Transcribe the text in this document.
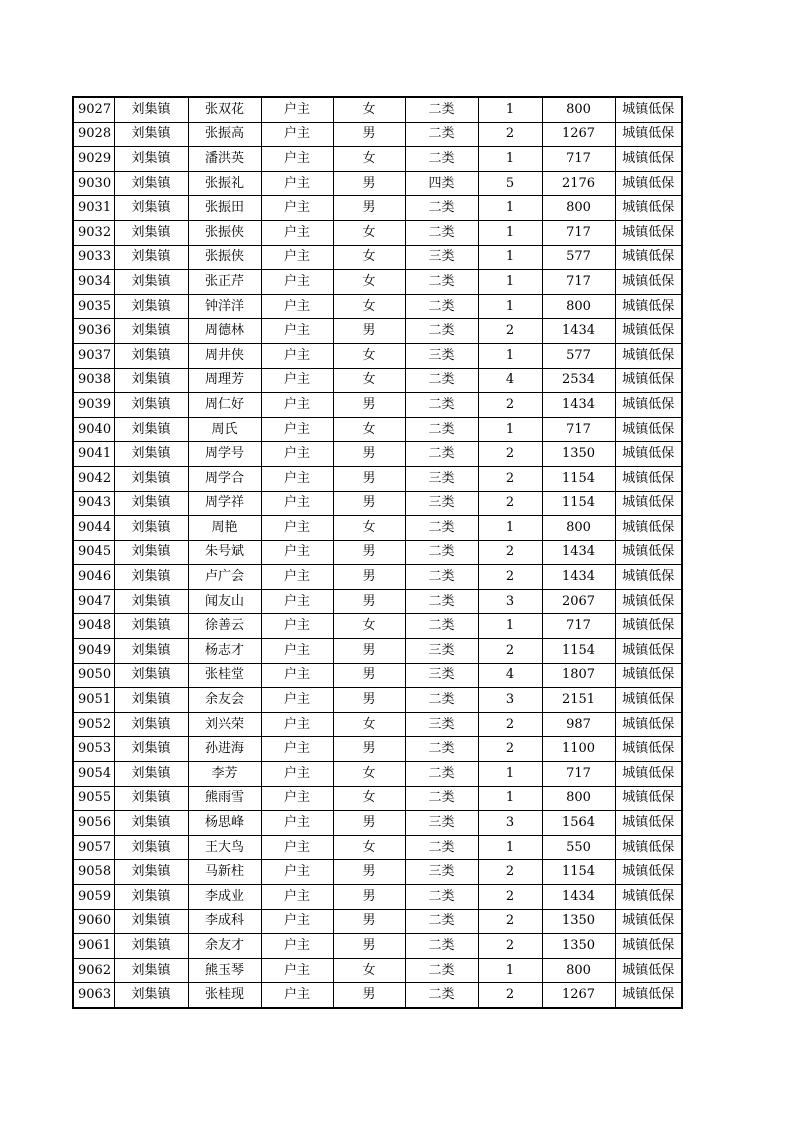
9027	刘集镇	张双花	户主	女	二类	1	800	城镇低保
9028	刘集镇	张振高	户主	男	二类	2	1267	城镇低保
9029	刘集镇	潘洪英	户主	女	二类	1	717	城镇低保
9030	刘集镇	张振礼	户主	男	四类	5	2176	城镇低保
9031	刘集镇	张振田	户主	男	二类	1	800	城镇低保
9032	刘集镇	张振侠	户主	女	二类	1	717	城镇低保
9033	刘集镇	张振侠	户主	女	三类	1	577	城镇低保
9034	刘集镇	张正芹	户主	女	二类	1	717	城镇低保
9035	刘集镇	钟洋洋	户主	女	二类	1	800	城镇低保
9036	刘集镇	周德林	户主	男	二类	2	1434	城镇低保
9037	刘集镇	周井侠	户主	女	三类	1	577	城镇低保
9038	刘集镇	周理芳	户主	女	二类	4	2534	城镇低保
9039	刘集镇	周仁好	户主	男	二类	2	1434	城镇低保
9040	刘集镇	周氏	户主	女	二类	1	717	城镇低保
9041	刘集镇	周学号	户主	男	二类	2	1350	城镇低保
9042	刘集镇	周学合	户主	男	三类	2	1154	城镇低保
9043	刘集镇	周学祥	户主	男	三类	2	1154	城镇低保
9044	刘集镇	周艳	户主	女	二类	1	800	城镇低保
9045	刘集镇	朱号斌	户主	男	二类	2	1434	城镇低保
9046	刘集镇	卢广会	户主	男	二类	2	1434	城镇低保
9047	刘集镇	闻友山	户主	男	二类	3	2067	城镇低保
9048	刘集镇	徐善云	户主	女	二类	1	717	城镇低保
9049	刘集镇	杨志才	户主	男	三类	2	1154	城镇低保
9050	刘集镇	张桂堂	户主	男	三类	4	1807	城镇低保
9051	刘集镇	余友会	户主	男	二类	3	2151	城镇低保
9052	刘集镇	刘兴荣	户主	女	三类	2	987	城镇低保
9053	刘集镇	孙进海	户主	男	二类	2	1100	城镇低保
9054	刘集镇	李芳	户主	女	二类	1	717	城镇低保
9055	刘集镇	熊雨雪	户主	女	二类	1	800	城镇低保
9056	刘集镇	杨思峰	户主	男	三类	3	1564	城镇低保
9057	刘集镇	王大鸟	户主	女	二类	1	550	城镇低保
9058	刘集镇	马新柱	户主	男	三类	2	1154	城镇低保
9059	刘集镇	李成业	户主	男	二类	2	1434	城镇低保
9060	刘集镇	李成科	户主	男	二类	2	1350	城镇低保
9061	刘集镇	余友才	户主	男	二类	2	1350	城镇低保
9062	刘集镇	熊玉琴	户主	女	二类	1	800	城镇低保
9063	刘集镇	张桂现	户主	男	二类	2	1267	城镇低保
